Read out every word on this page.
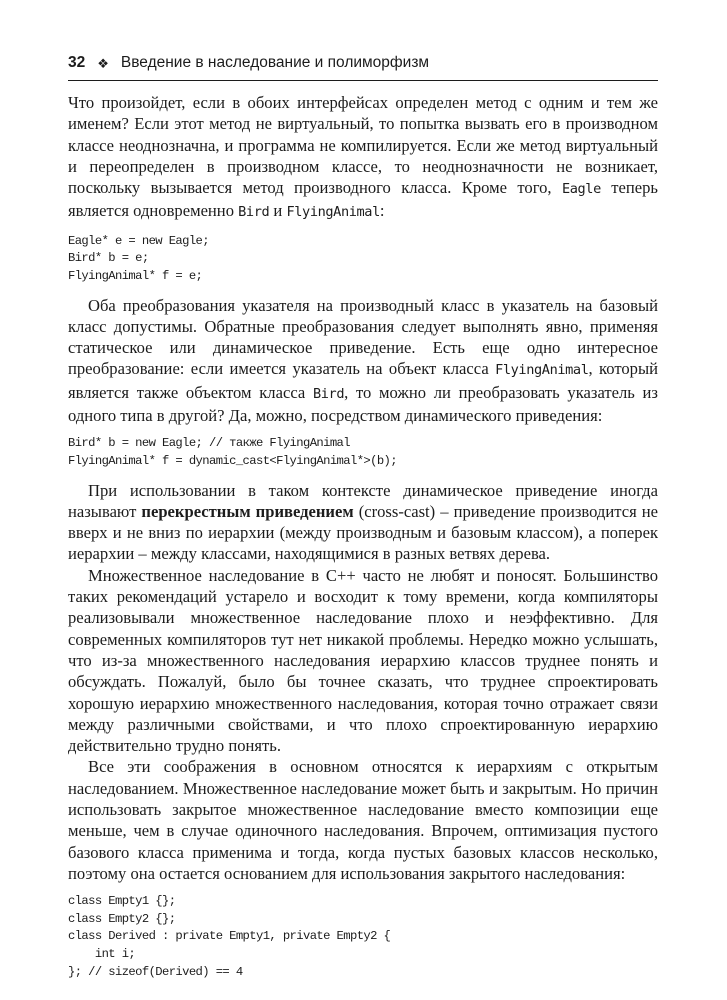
32 ❖ Введение в наследование и полиморфизм

Что произойдет, если в обоих интерфейсах определен метод с одним и тем же именем? Если этот метод не виртуальный, то попытка вызвать его в производном классе неоднозначна, и программа не компилируется. Если же метод виртуальный и переопределен в производном классе, то неоднозначности не возникает, поскольку вызывается метод производного класса. Кроме того, Eagle теперь является одновременно Bird и FlyingAnimal:

Eagle* e = new Eagle;
Bird* b = e;
FlyingAnimal* f = e;

Оба преобразования указателя на производный класс в указатель на базовый класс допустимы. Обратные преобразования следует выполнять явно, применяя статическое или динамическое приведение. Есть еще одно интересное преобразование: если имеется указатель на объект класса FlyingAnimal, который является также объектом класса Bird, то можно ли преобразовать указатель из одного типа в другой? Да, можно, посредством динамического приведения:

Bird* b = new Eagle; // также FlyingAnimal
FlyingAnimal* f = dynamic_cast<FlyingAnimal*>(b);

При использовании в таком контексте динамическое приведение иногда называют перекрестным приведением (cross-cast) – приведение производится не вверх и не вниз по иерархии (между производным и базовым классом), а поперек иерархии – между классами, находящимися в разных ветвях дерева.

Множественное наследование в C++ часто не любят и поносят. Большинство таких рекомендаций устарело и восходит к тому времени, когда компиляторы реализовывали множественное наследование плохо и неэффективно. Для современных компиляторов тут нет никакой проблемы. Нередко можно услышать, что из-за множественного наследования иерархию классов труднее понять и обсуждать. Пожалуй, было бы точнее сказать, что труднее спроектировать хорошую иерархию множественного наследования, которая точно отражает связи между различными свойствами, и что плохо спроектированную иерархию действительно трудно понять.

Все эти соображения в основном относятся к иерархиям с открытым наследованием. Множественное наследование может быть и закрытым. Но причин использовать закрытое множественное наследование вместо композиции еще меньше, чем в случае одиночного наследования. Впрочем, оптимизация пустого базового класса применима и тогда, когда пустых базовых классов несколько, поэтому она остается основанием для использования закрытого наследования:

class Empty1 {};
class Empty2 {};
class Derived : private Empty1, private Empty2 {
int i;
}; // sizeof(Derived) == 4
